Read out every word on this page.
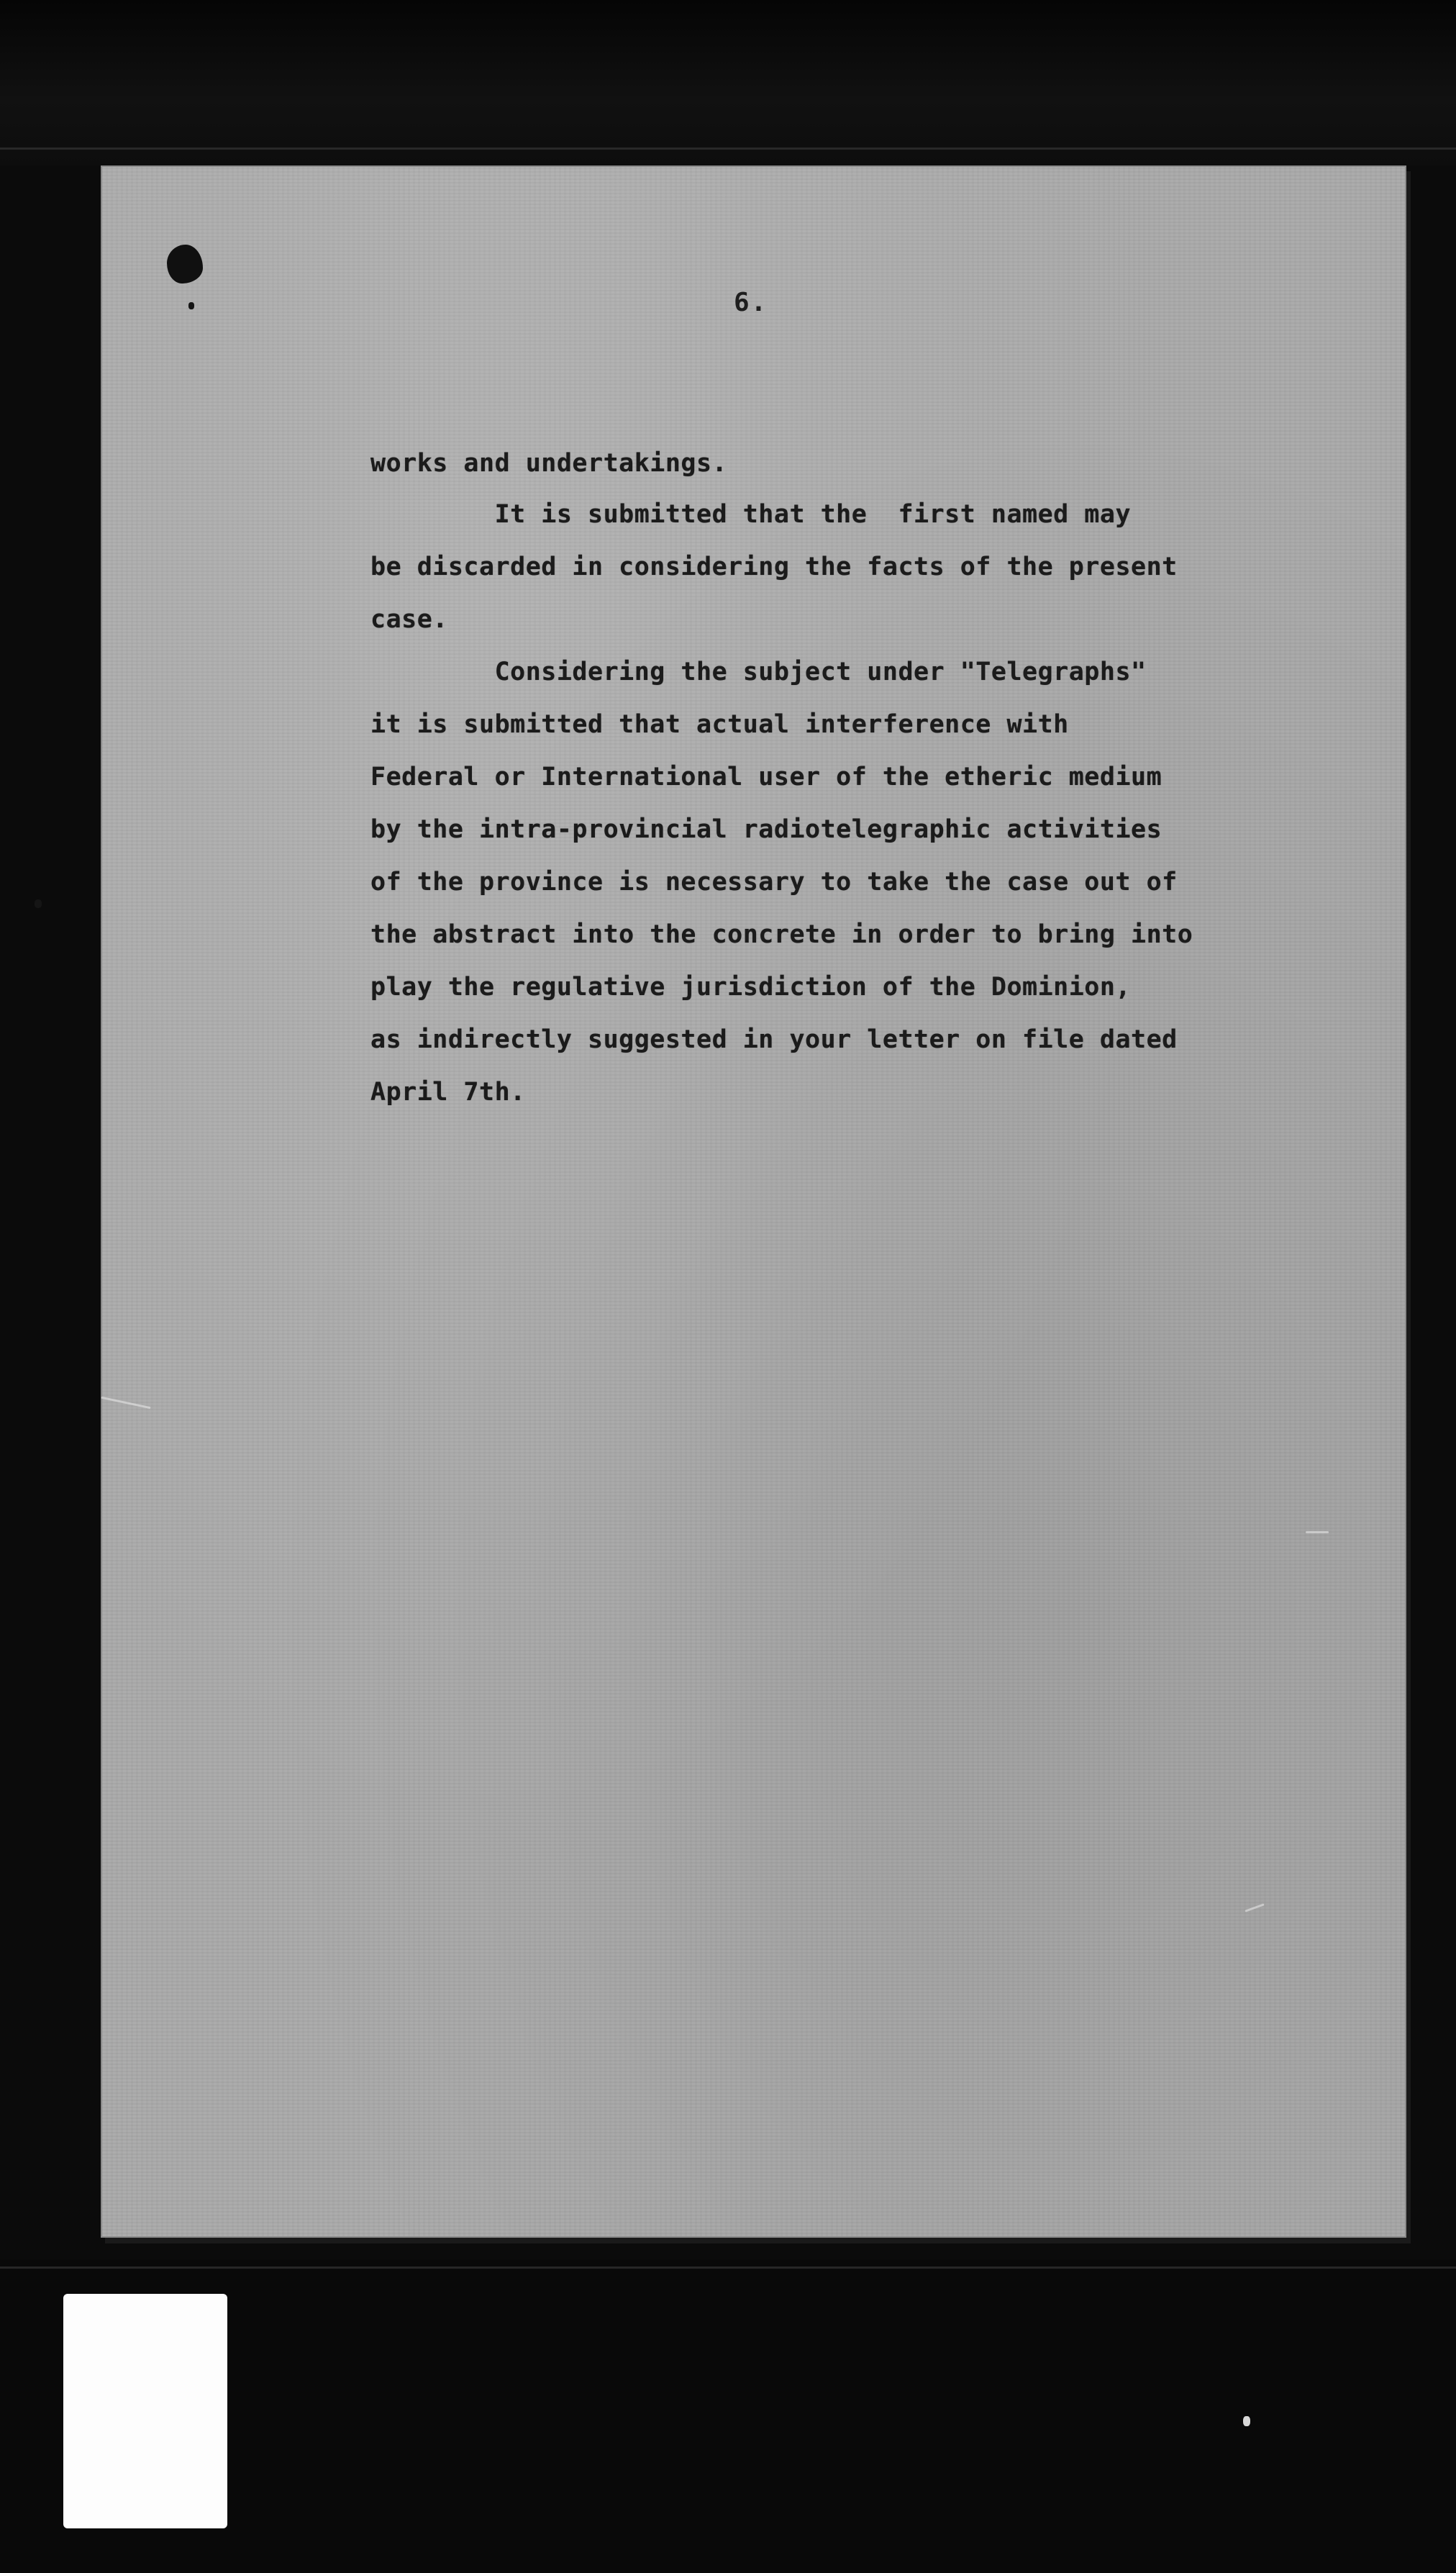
6.
works and undertakings.
It is submitted that the  first named may
be discarded in considering the facts of the present
case.
Considering the subject under "Telegraphs"
it is submitted that actual interference with
Federal or International user of the etheric medium
by the intra-provincial radiotelegraphic activities
of the province is necessary to take the case out of
the abstract into the concrete in order to bring into
play the regulative jurisdiction of the Dominion,
as indirectly suggested in your letter on file dated
April 7th.
